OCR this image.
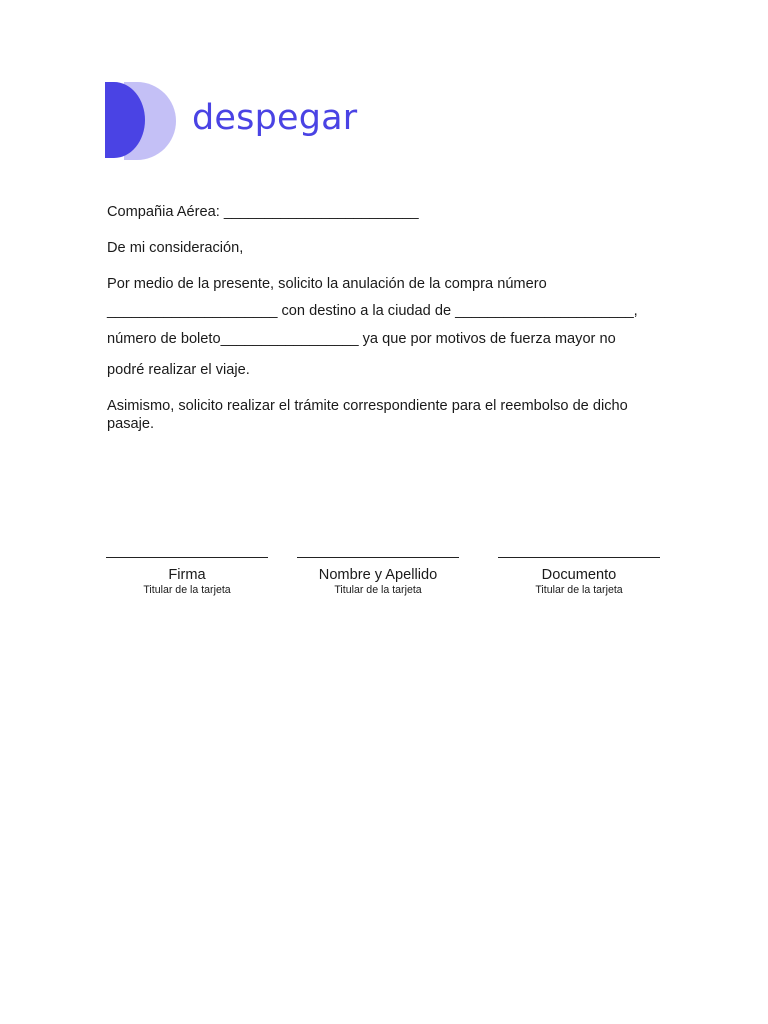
despegar
Compañia Aérea: ________________________
De mi consideración,
Por medio de la presente, solicito la anulación de la compra número
_____________________ con destino a la ciudad de ______________________,
número de boleto_________________ ya que por motivos de fuerza mayor no
podré realizar el viaje.
Asimismo, solicito realizar el trámite correspondiente para el reembolso de dicho pasaje.
Firma
Titular de la tarjeta
Nombre y Apellido
Titular de la tarjeta
Documento
Titular de la tarjeta
